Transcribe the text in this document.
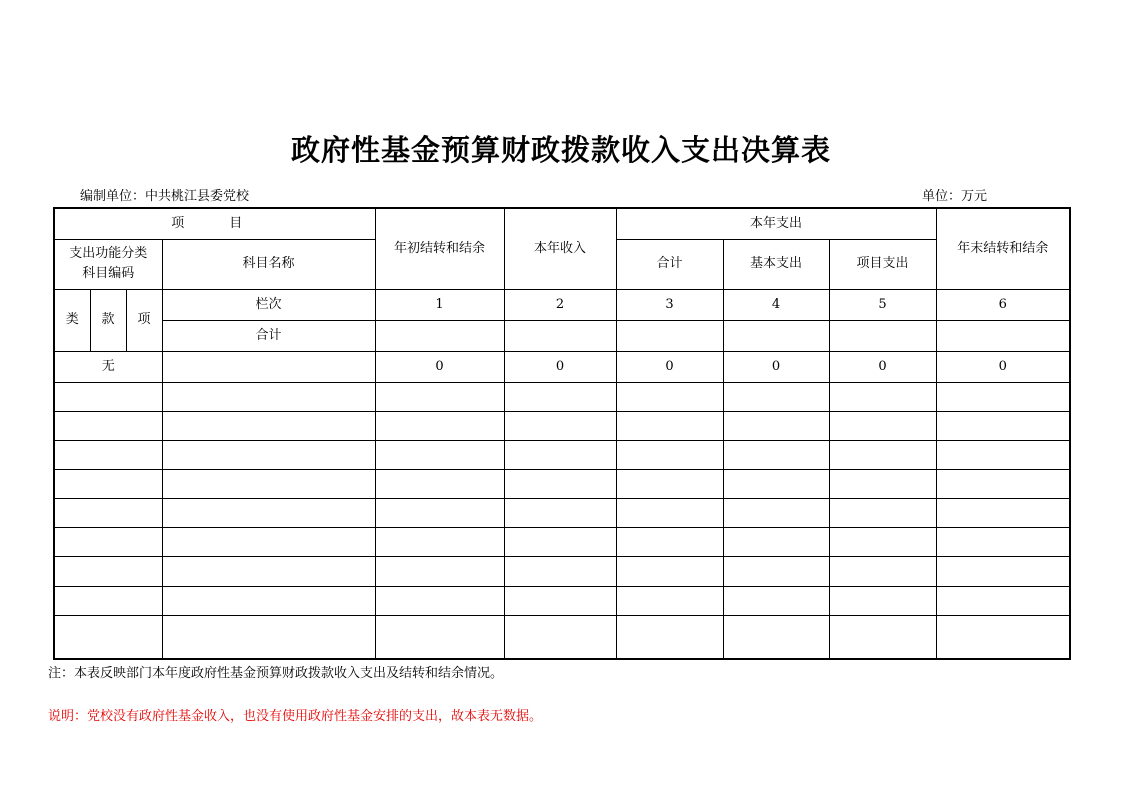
政府性基金预算财政拨款收入支出决算表
编制单位：中共桃江县委党校	单位：万元
项　目				年初结转和结余	本年收入	本年支出			年末结转和结余
支出功能分类科目编码			科目名称			合计	基本支出	项目支出	
类	款	项	栏次	1	2	3	4	5	6
			合计						
无				0	0	0	0	0	0

注：本表反映部门本年度政府性基金预算财政拨款收入支出及结转和结余情况。
说明：党校没有政府性基金收入，也没有使用政府性基金安排的支出，故本表无数据。
